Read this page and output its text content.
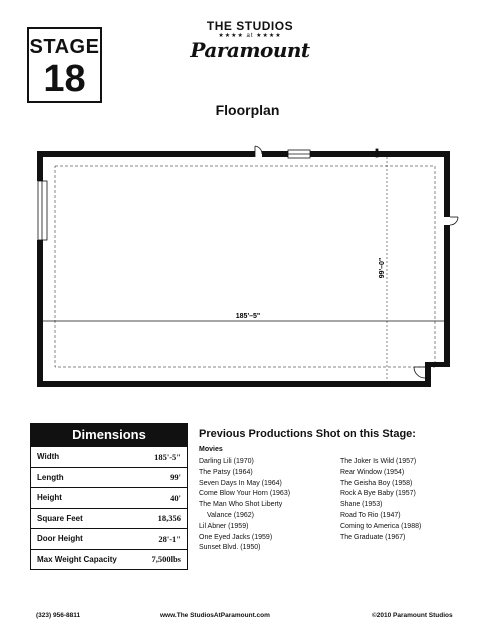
STAGE
18
THE STUDIOS
★★★★ at ★★★★
Paramount
Floorplan
185'–5"
99'–0"
Dimensions
Width	185'-5"
Length	99'
Height	40'
Square Feet	18,356
Door Height	28'-1"
Max Weight Capacity	7,500lbs
Previous Productions Shot on this Stage:
Movies
Darling Lili (1970)
The Patsy (1964)
Seven Days In May (1964)
Come Blow Your Horn (1963)
The Man Who Shot Liberty
Valance (1962)
Lil Abner (1959)
One Eyed Jacks (1959)
Sunset Blvd. (1950)
The Joker Is Wild (1957)
Rear Window (1954)
The Geisha Boy (1958)
Rock A Bye Baby (1957)
Shane (1953)
Road To Rio (1947)
Coming to America (1988)
The Graduate (1967)
(323) 956-8811	www.The StudiosAtParamount.com	©2010 Paramount Studios
